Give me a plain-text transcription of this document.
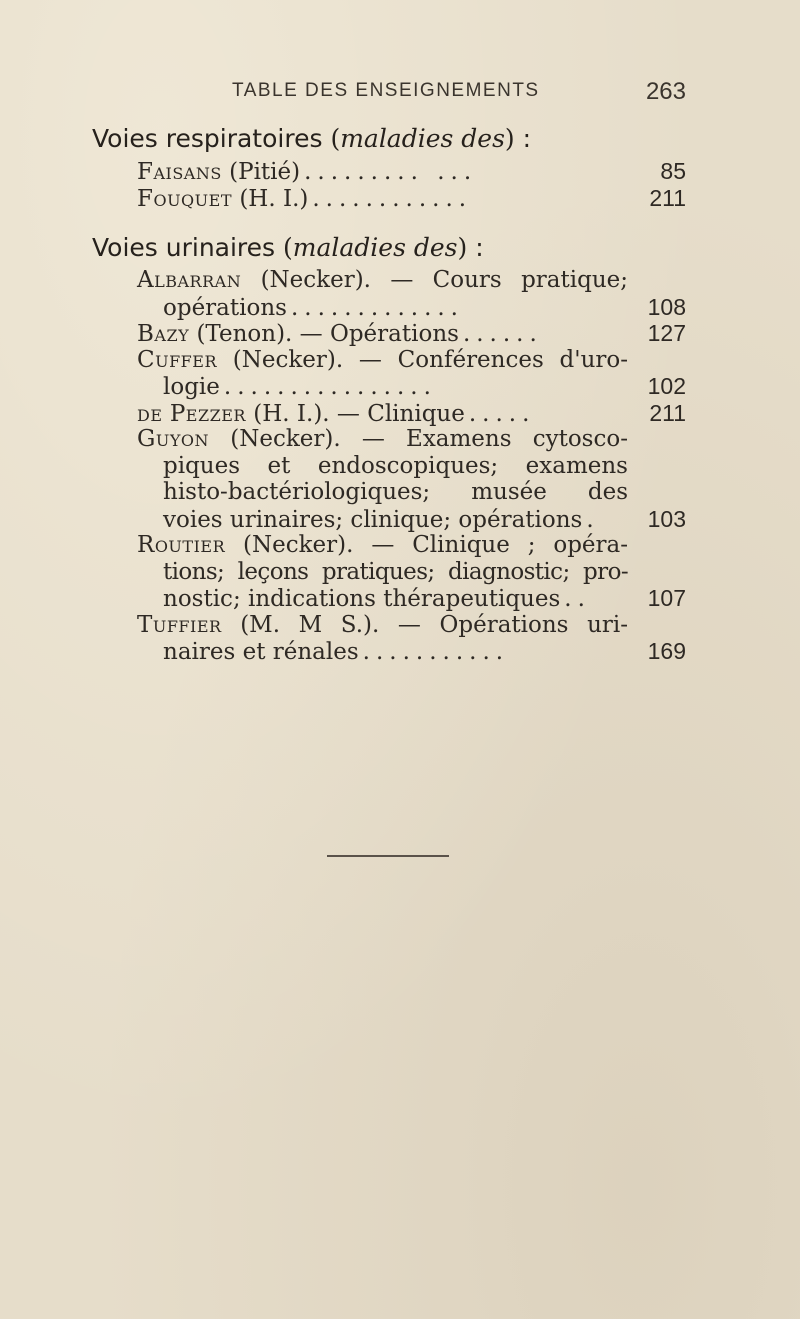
TABLE DES ENSEIGNEMENTS	263
Voies respiratoires (maladies des) :
Faisans (Pitié) ......... ...	85
Fouquet (H. I.) ............	211
Voies urinaires (maladies des) :
Albarran (Necker). — Cours pratique;
opérations .............	108
Bazy (Tenon). — Opérations ......	127
Cuffer (Necker). — Conférences d'uro-
logie ................	102
de Pezzer (H. I.). — Clinique .....	211
Guyon (Necker). — Examens cytosco-
piques et endoscopiques; examens
histo-bactériologiques; musée des
voies urinaires; clinique; opérations .	103
Routier (Necker). — Clinique ; opéra-
tions; leçons pratiques; diagnostic; pro-
nostic; indications thérapeutiques ..	107
Tuffier (M. M S.). — Opérations uri-
naires et rénales ...........	169
